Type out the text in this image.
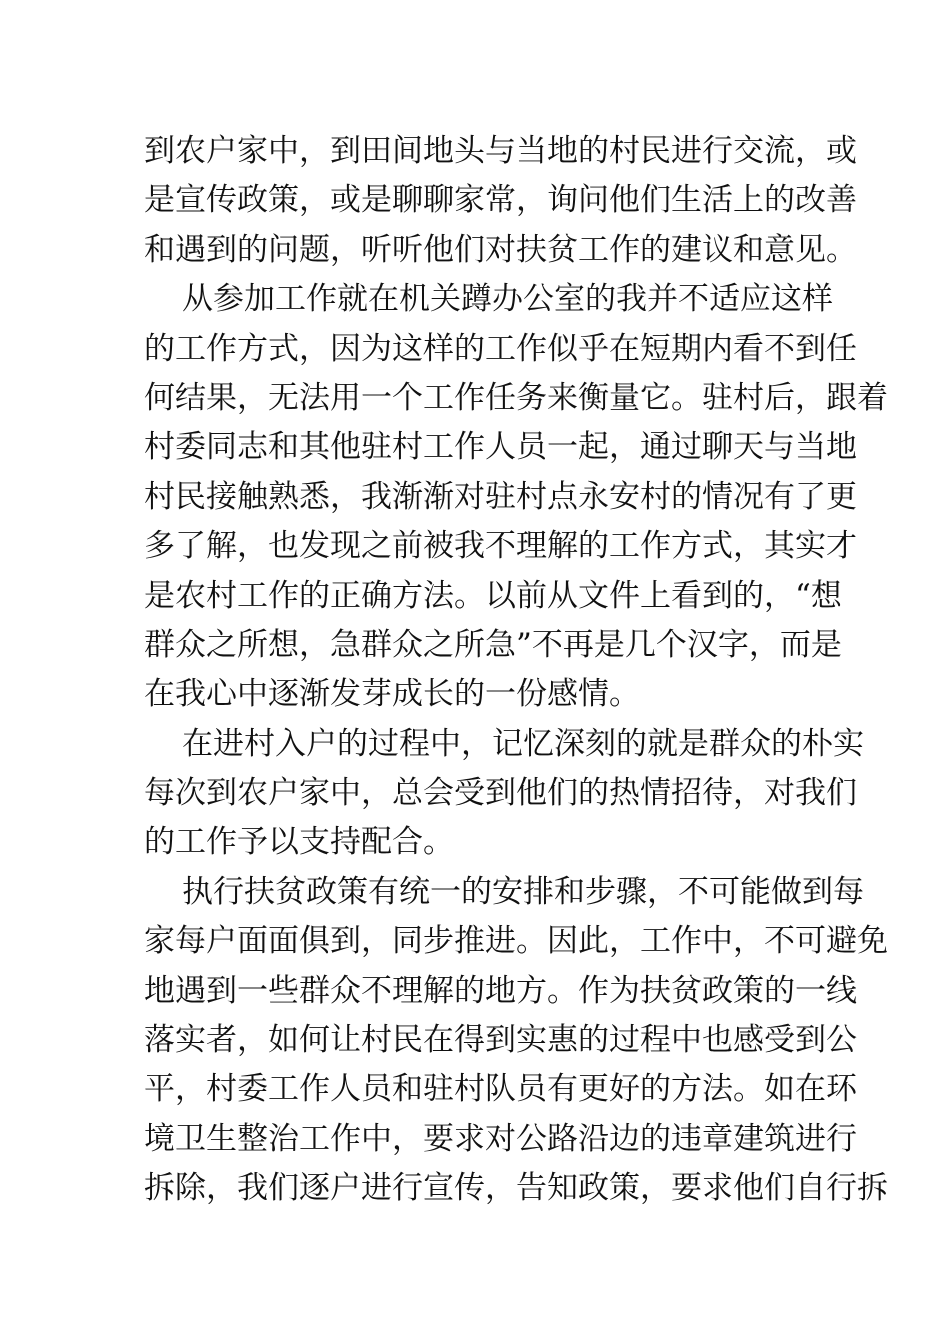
到农户家中，到田间地头与当地的村民进行交流，或
是宣传政策，或是聊聊家常，询问他们生活上的改善
和遇到的问题，听听他们对扶贫工作的建议和意见。
从参加工作就在机关蹲办公室的我并不适应这样
的工作方式，因为这样的工作似乎在短期内看不到任
何结果，无法用一个工作任务来衡量它。驻村后，跟着
村委同志和其他驻村工作人员一起，通过聊天与当地
村民接触熟悉，我渐渐对驻村点永安村的情况有了更
多了解，也发现之前被我不理解的工作方式，其实才
是农村工作的正确方法。以前从文件上看到的，“想
群众之所想，急群众之所急”不再是几个汉字，而是
在我心中逐渐发芽成长的一份感情。
在进村入户的过程中，记忆深刻的就是群众的朴实
每次到农户家中，总会受到他们的热情招待，对我们
的工作予以支持配合。
执行扶贫政策有统一的安排和步骤，不可能做到每
家每户面面俱到，同步推进。因此，工作中，不可避免
地遇到一些群众不理解的地方。作为扶贫政策的一线
落实者，如何让村民在得到实惠的过程中也感受到公
平，村委工作人员和驻村队员有更好的方法。如在环
境卫生整治工作中，要求对公路沿边的违章建筑进行
拆除，我们逐户进行宣传，告知政策，要求他们自行拆
